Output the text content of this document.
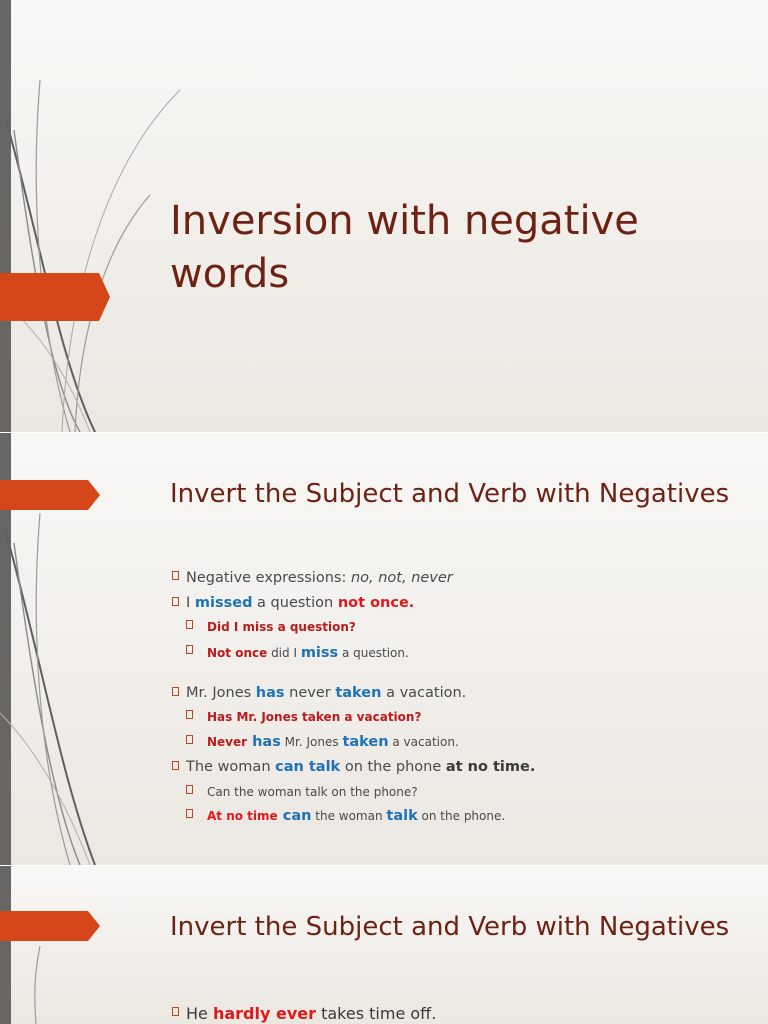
Inversion with negative words
Invert the Subject and Verb with Negatives
Negative expressions: no, not, never
I missed a question not once.
Did I miss a question?
Not once did I miss a question.
Mr. Jones has never taken a vacation.
Has Mr. Jones taken a vacation?
Never has Mr. Jones taken a vacation.
The woman can talk on the phone at no time.
Can the woman talk on the phone?
At no time can the woman talk on the phone.
Invert the Subject and Verb with Negatives
He hardly ever takes time off.
